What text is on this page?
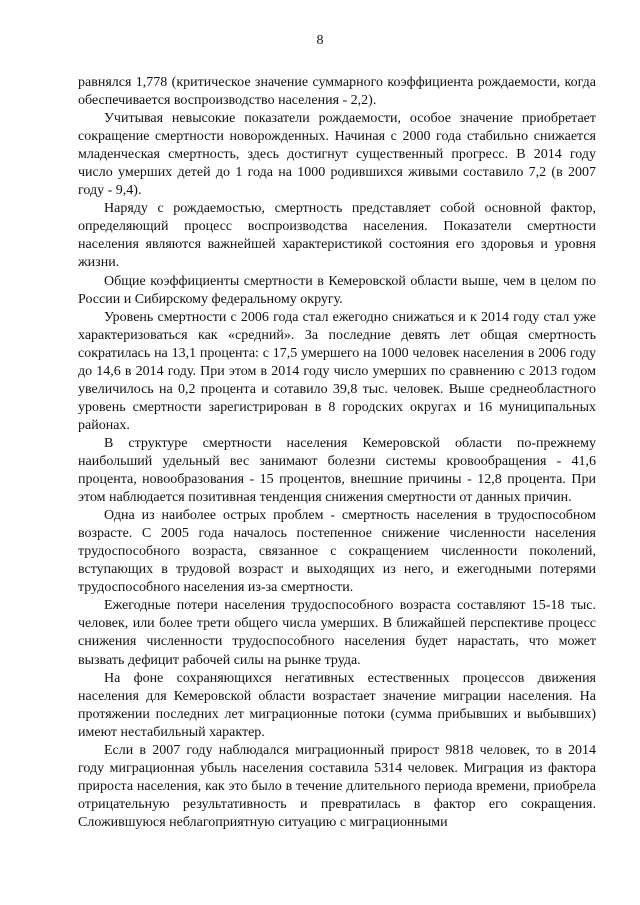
8

равнялся 1,778 (критическое значение суммарного коэффициента рождаемости, когда обеспечивается воспроизводство населения - 2,2).

Учитывая невысокие показатели рождаемости, особое значение приобретает сокращение смертности новорожденных. Начиная с 2000 года стабильно снижается младенческая смертность, здесь достигнут существенный прогресс. В 2014 году число умерших детей до 1 года на 1000 родившихся живыми составило 7,2 (в 2007 году - 9,4).

Наряду с рождаемостью, смертность представляет собой основной фактор, определяющий процесс воспроизводства населения. Показатели смертности населения являются важнейшей характеристикой состояния его здоровья и уровня жизни.

Общие коэффициенты смертности в Кемеровской области выше, чем в целом по России и Сибирскому федеральному округу.

Уровень смертности с 2006 года стал ежегодно снижаться и к 2014 году стал уже характеризоваться как «средний». За последние девять лет общая смертность сократилась на 13,1 процента: с 17,5 умершего на 1000 человек населения в 2006 году до 14,6 в 2014 году. При этом в 2014 году число умерших по сравнению с 2013 годом увеличилось на 0,2 процента и сотавило 39,8 тыс. человек. Выше среднеобластного уровень смертности зарегистрирован в 8 городских округах и 16 муниципальных районах.

В структуре смертности населения Кемеровской области по-прежнему наибольший удельный вес занимают болезни системы кровообращения - 41,6 процента, новообразования - 15 процентов, внешние причины - 12,8 процента. При этом наблюдается позитивная тенденция снижения смертности от данных причин.

Одна из наиболее острых проблем - смертность населения в трудоспособном возрасте. С 2005 года началось постепенное снижение численности населения трудоспособного возраста, связанное с сокращением численности поколений, вступающих в трудовой возраст и выходящих из него, и ежегодными потерями трудоспособного населения из-за смертности.

Ежегодные потери населения трудоспособного возраста составляют 15-18 тыс. человек, или более трети общего числа умерших. В ближайшей перспективе процесс снижения численности трудоспособного населения будет нарастать, что может вызвать дефицит рабочей силы на рынке труда.

На фоне сохраняющихся негативных естественных процессов движения населения для Кемеровской области возрастает значение миграции населения. На протяжении последних лет миграционные потоки (сумма прибывших и выбывших) имеют нестабильный характер.

Если в 2007 году наблюдался миграционный прирост 9818 человек, то в 2014 году миграционная убыль населения составила 5314 человек. Миграция из фактора прироста населения, как это было в течение длительного периода времени, приобрела отрицательную результативность и превратилась в фактор его сокращения. Сложившуюся неблагоприятную ситуацию с миграционными
